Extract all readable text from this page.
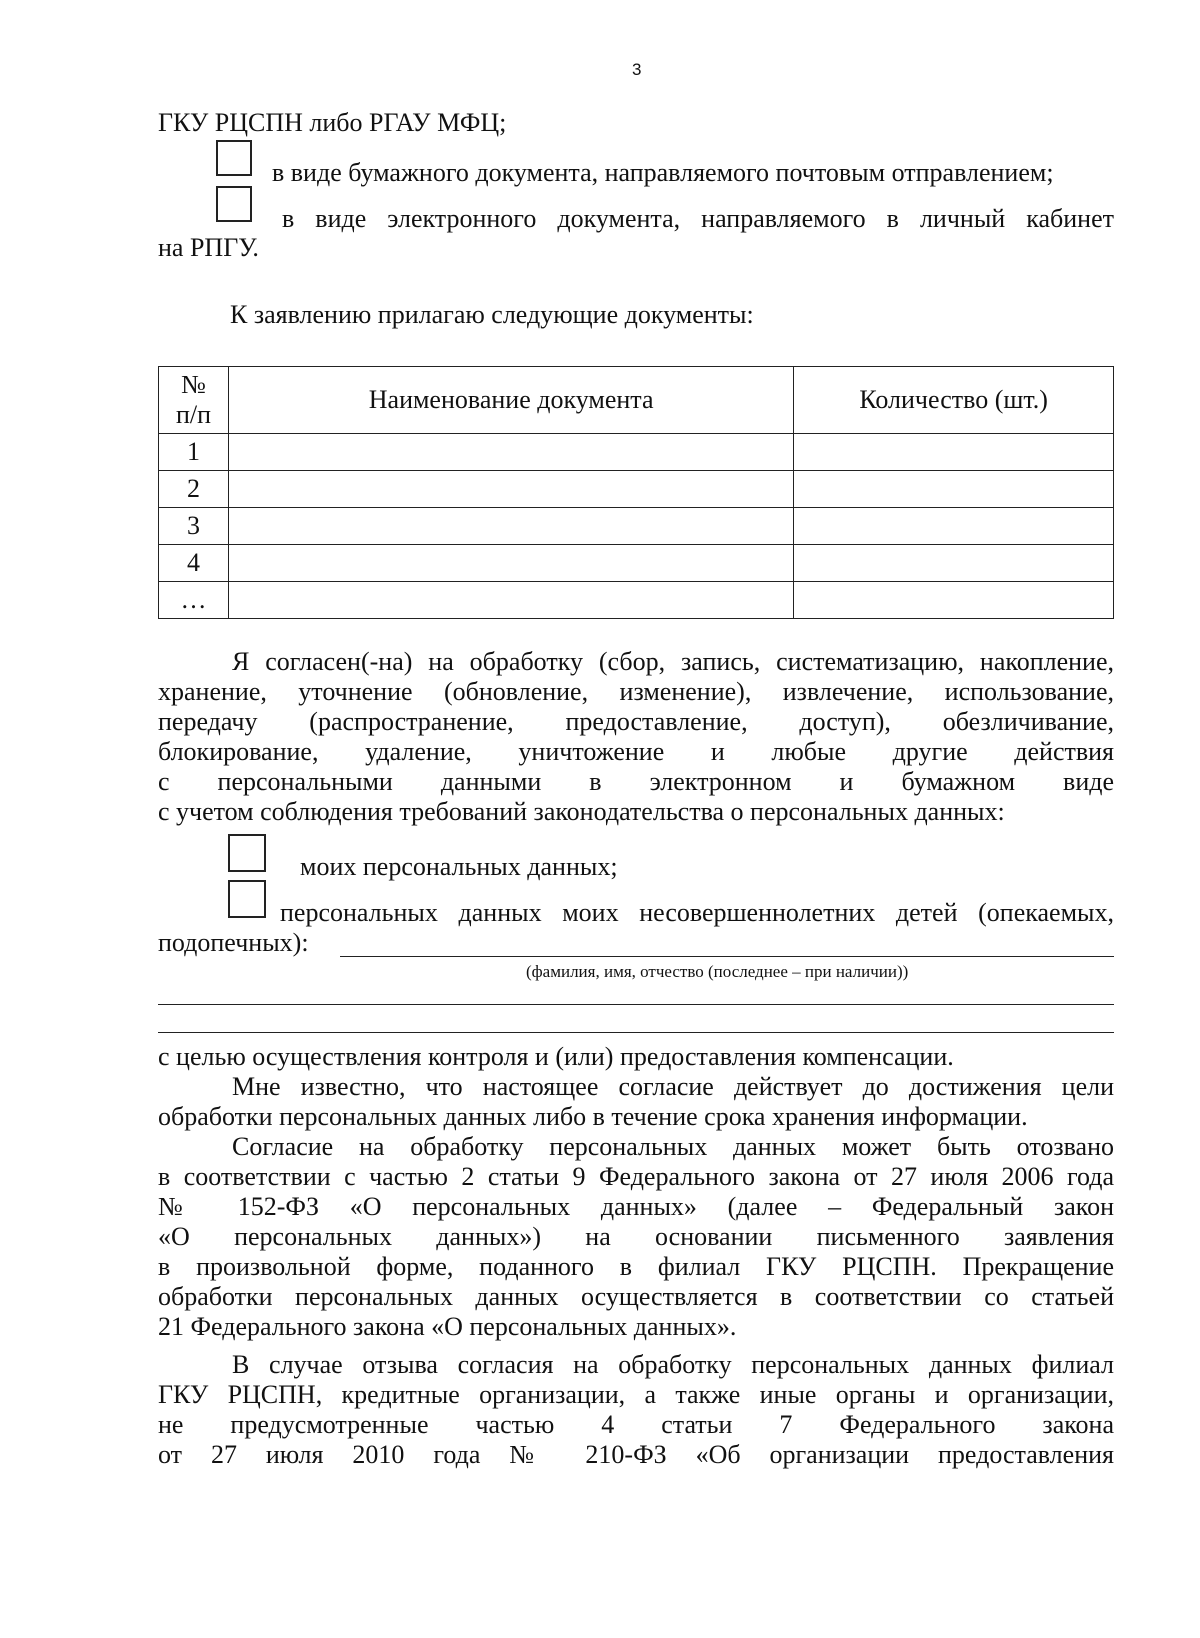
3
ГКУ РЦСПН либо РГАУ МФЦ;
в виде бумажного документа, направляемого почтовым отправлением;
в виде электронного документа, направляемого в личный кабинет
на РПГУ.
К заявлению прилагаю следующие документы:
№ п/п	Наименование документа	Количество (шт.)
1		
2		
3		
4		
…		
Я согласен(-на) на обработку (сбор, запись, систематизацию, накопление,
хранение, уточнение (обновление, изменение), извлечение, использование,
передачу (распространение, предоставление, доступ), обезличивание,
блокирование, удаление, уничтожение и любые другие действия
с персональными данными в электронном и бумажном виде
с учетом соблюдения требований законодательства о персональных данных:
моих персональных данных;
персональных данных моих несовершеннолетних детей (опекаемых,
подопечных):
(фамилия, имя, отчество (последнее – при наличии))
с целью осуществления контроля и (или) предоставления компенсации.
Мне известно, что настоящее согласие действует до достижения цели
обработки персональных данных либо в течение срока хранения информации.
Согласие на обработку персональных данных может быть отозвано
в соответствии с частью 2 статьи 9 Федерального закона от 27 июля 2006 года
№ 152-ФЗ «О персональных данных» (далее – Федеральный закон
«О персональных данных») на основании письменного заявления
в произвольной форме, поданного в филиал ГКУ РЦСПН. Прекращение
обработки персональных данных осуществляется в соответствии со статьей
21 Федерального закона «О персональных данных».
В случае отзыва согласия на обработку персональных данных филиал
ГКУ РЦСПН, кредитные организации, а также иные органы и организации,
не предусмотренные частью 4 статьи 7 Федерального закона
от 27 июля 2010 года № 210-ФЗ «Об организации предоставления
